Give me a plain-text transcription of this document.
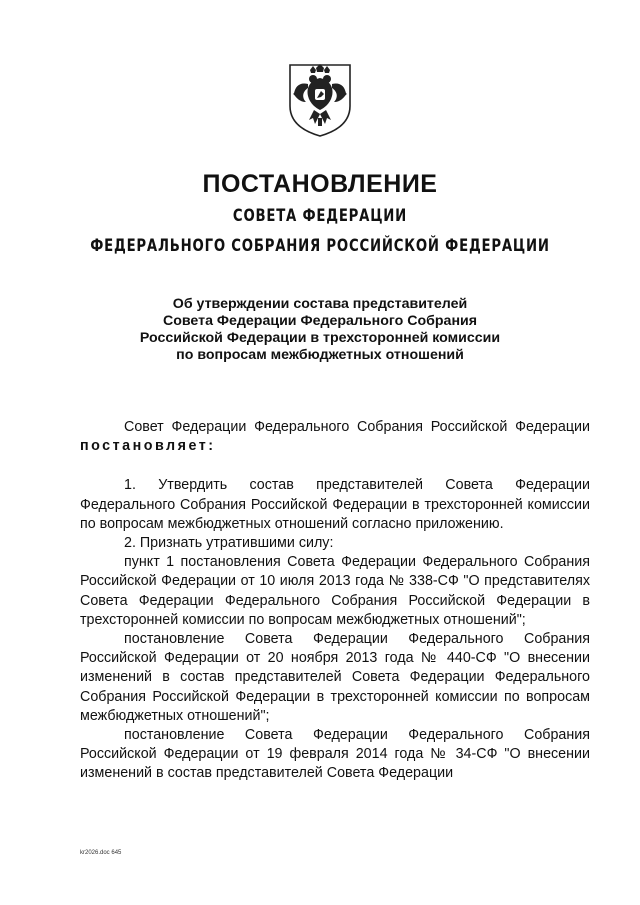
ПОСТАНОВЛЕНИЕ
СОВЕТА ФЕДЕРАЦИИ
ФЕДЕРАЛЬНОГО СОБРАНИЯ РОССИЙСКОЙ ФЕДЕРАЦИИ
Об утверждении состава представителей
Совета Федерации Федерального Собрания
Российской Федерации в трехсторонней комиссии
по вопросам межбюджетных отношений

Совет Федерации Федерального Собрания Российской Федерации постановляет:

1. Утвердить состав представителей Совета Федерации Федерального Собрания Российской Федерации в трехсторонней комиссии по вопросам межбюджетных отношений согласно приложению.

2. Признать утратившими силу:

пункт 1 постановления Совета Федерации Федерального Собрания Российской Федерации от 10 июля 2013 года № 338-СФ "О представителях Совета Федерации Федерального Собрания Российской Федерации в трехсторонней комиссии по вопросам межбюджетных отношений";

постановление Совета Федерации Федерального Собрания Российской Федерации от 20 ноября 2013 года № 440-СФ "О внесении изменений в состав представителей Совета Федерации Федерального Собрания Российской Федерации в трехсторонней комиссии по вопросам межбюджетных отношений";

постановление Совета Федерации Федерального Собрания Российской Федерации от 19 февраля 2014 года № 34-СФ "О внесении изменений в состав представителей Совета Федерации

kr2026.doc 645
